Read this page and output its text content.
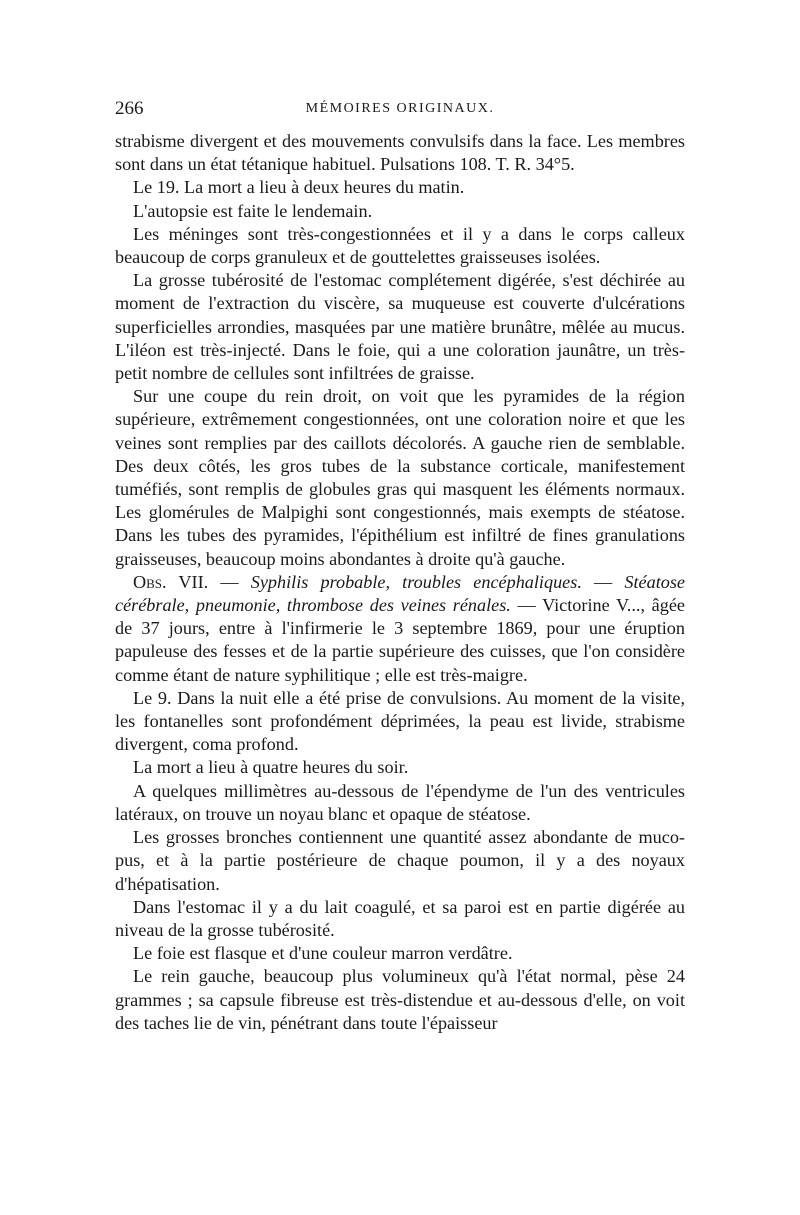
266	MÉMOIRES ORIGINAUX.

strabisme divergent et des mouvements convulsifs dans la face. Les membres sont dans un état tétanique habituel. Pulsations 108. T. R. 34°5.

Le 19. La mort a lieu à deux heures du matin.

L'autopsie est faite le lendemain.

Les méninges sont très-congestionnées et il y a dans le corps calleux beaucoup de corps granuleux et de gouttelettes graisseuses isolées.

La grosse tubérosité de l'estomac complétement digérée, s'est déchirée au moment de l'extraction du viscère, sa muqueuse est couverte d'ulcérations superficielles arrondies, masquées par une matière brunâtre, mêlée au mucus. L'iléon est très-injecté. Dans le foie, qui a une coloration jaunâtre, un très-petit nombre de cellules sont infiltrées de graisse.

Sur une coupe du rein droit, on voit que les pyramides de la région supérieure, extrêmement congestionnées, ont une coloration noire et que les veines sont remplies par des caillots décolorés. A gauche rien de semblable. Des deux côtés, les gros tubes de la substance corticale, manifestement tuméfiés, sont remplis de globules gras qui masquent les éléments normaux. Les glomérules de Malpighi sont congestionnés, mais exempts de stéatose. Dans les tubes des pyramides, l'épithélium est infiltré de fines granulations graisseuses, beaucoup moins abondantes à droite qu'à gauche.

Obs. VII. — Syphilis probable, troubles encéphaliques. — Stéatose cérébrale, pneumonie, thrombose des veines rénales. — Victorine V..., âgée de 37 jours, entre à l'infirmerie le 3 septembre 1869, pour une éruption papuleuse des fesses et de la partie supérieure des cuisses, que l'on considère comme étant de nature syphilitique ; elle est très-maigre.

Le 9. Dans la nuit elle a été prise de convulsions. Au moment de la visite, les fontanelles sont profondément déprimées, la peau est livide, strabisme divergent, coma profond.

La mort a lieu à quatre heures du soir.

A quelques millimètres au-dessous de l'épendyme de l'un des ventricules latéraux, on trouve un noyau blanc et opaque de stéatose.

Les grosses bronches contiennent une quantité assez abondante de muco-pus, et à la partie postérieure de chaque poumon, il y a des noyaux d'hépatisation.

Dans l'estomac il y a du lait coagulé, et sa paroi est en partie digérée au niveau de la grosse tubérosité.

Le foie est flasque et d'une couleur marron verdâtre.

Le rein gauche, beaucoup plus volumineux qu'à l'état normal, pèse 24 grammes ; sa capsule fibreuse est très-distendue et au-dessous d'elle, on voit des taches lie de vin, pénétrant dans toute l'épaisseur
